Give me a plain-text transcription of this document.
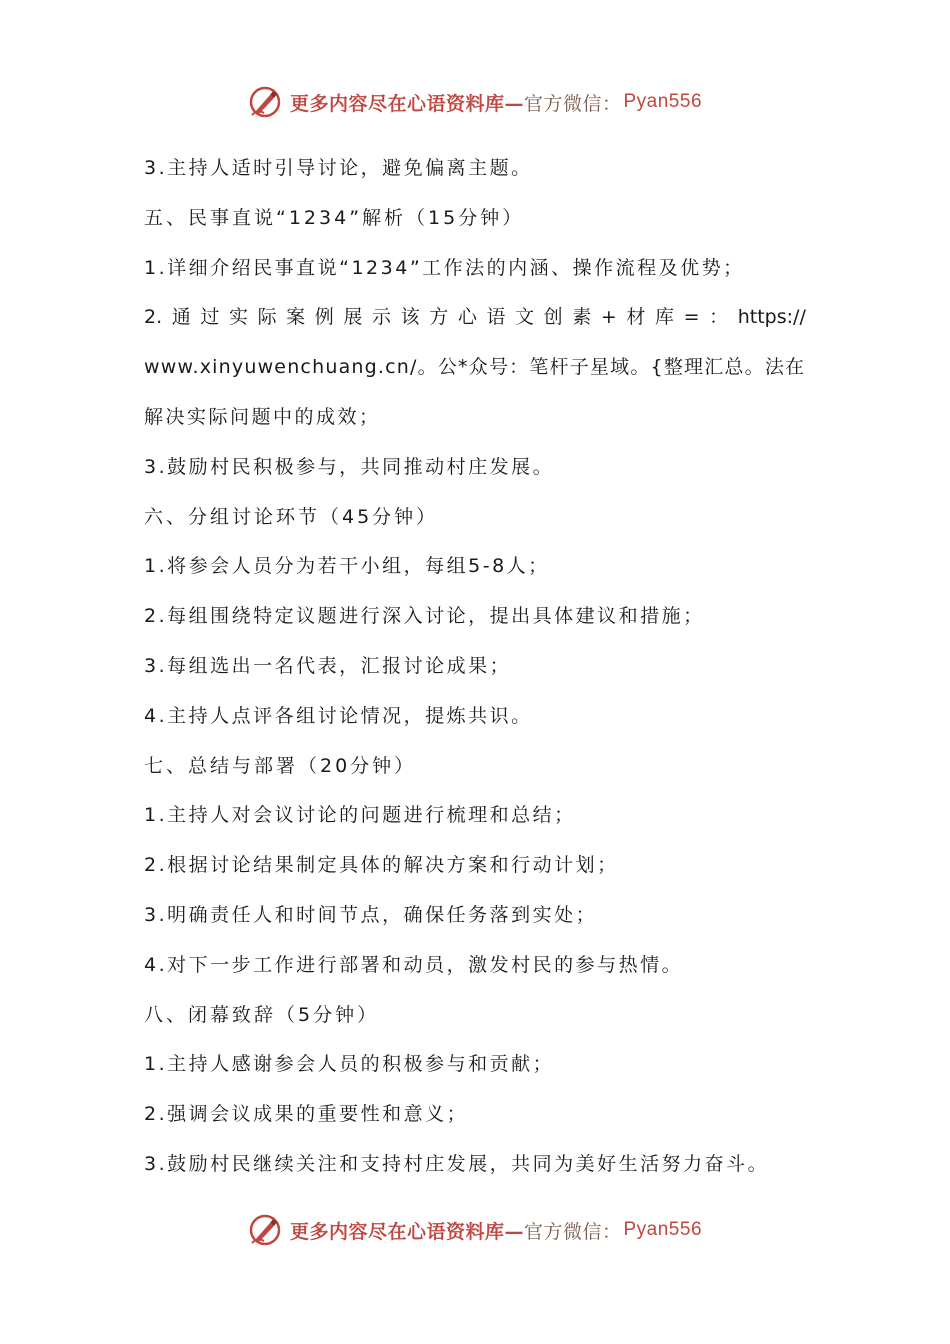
更多内容尽在心语资料库— 官方微信： Pyan556
3.主持人适时引导讨论，避免偏离主题。
五、民事直说“1234”解析（15分钟）
1.详细介绍民事直说“1234”工作法的内涵、操作流程及优势；
2. 通 过 实 际 案 例 展 示 该 方 心 语 文 创 素 + 材 库 = ： https://
www.xinyuwenchuang.cn/。公*众号：笔杆子星域。{整理汇总。法在
解决实际问题中的成效；
3.鼓励村民积极参与，共同推动村庄发展。
六、分组讨论环节（45分钟）
1.将参会人员分为若干小组，每组5-8人；
2.每组围绕特定议题进行深入讨论，提出具体建议和措施；
3.每组选出一名代表，汇报讨论成果；
4.主持人点评各组讨论情况，提炼共识。
七、总结与部署（20分钟）
1.主持人对会议讨论的问题进行梳理和总结；
2.根据讨论结果制定具体的解决方案和行动计划；
3.明确责任人和时间节点，确保任务落到实处；
4.对下一步工作进行部署和动员，激发村民的参与热情。
八、闭幕致辞（5分钟）
1.主持人感谢参会人员的积极参与和贡献；
2.强调会议成果的重要性和意义；
3.鼓励村民继续关注和支持村庄发展，共同为美好生活努力奋斗。
更多内容尽在心语资料库— 官方微信： Pyan556
